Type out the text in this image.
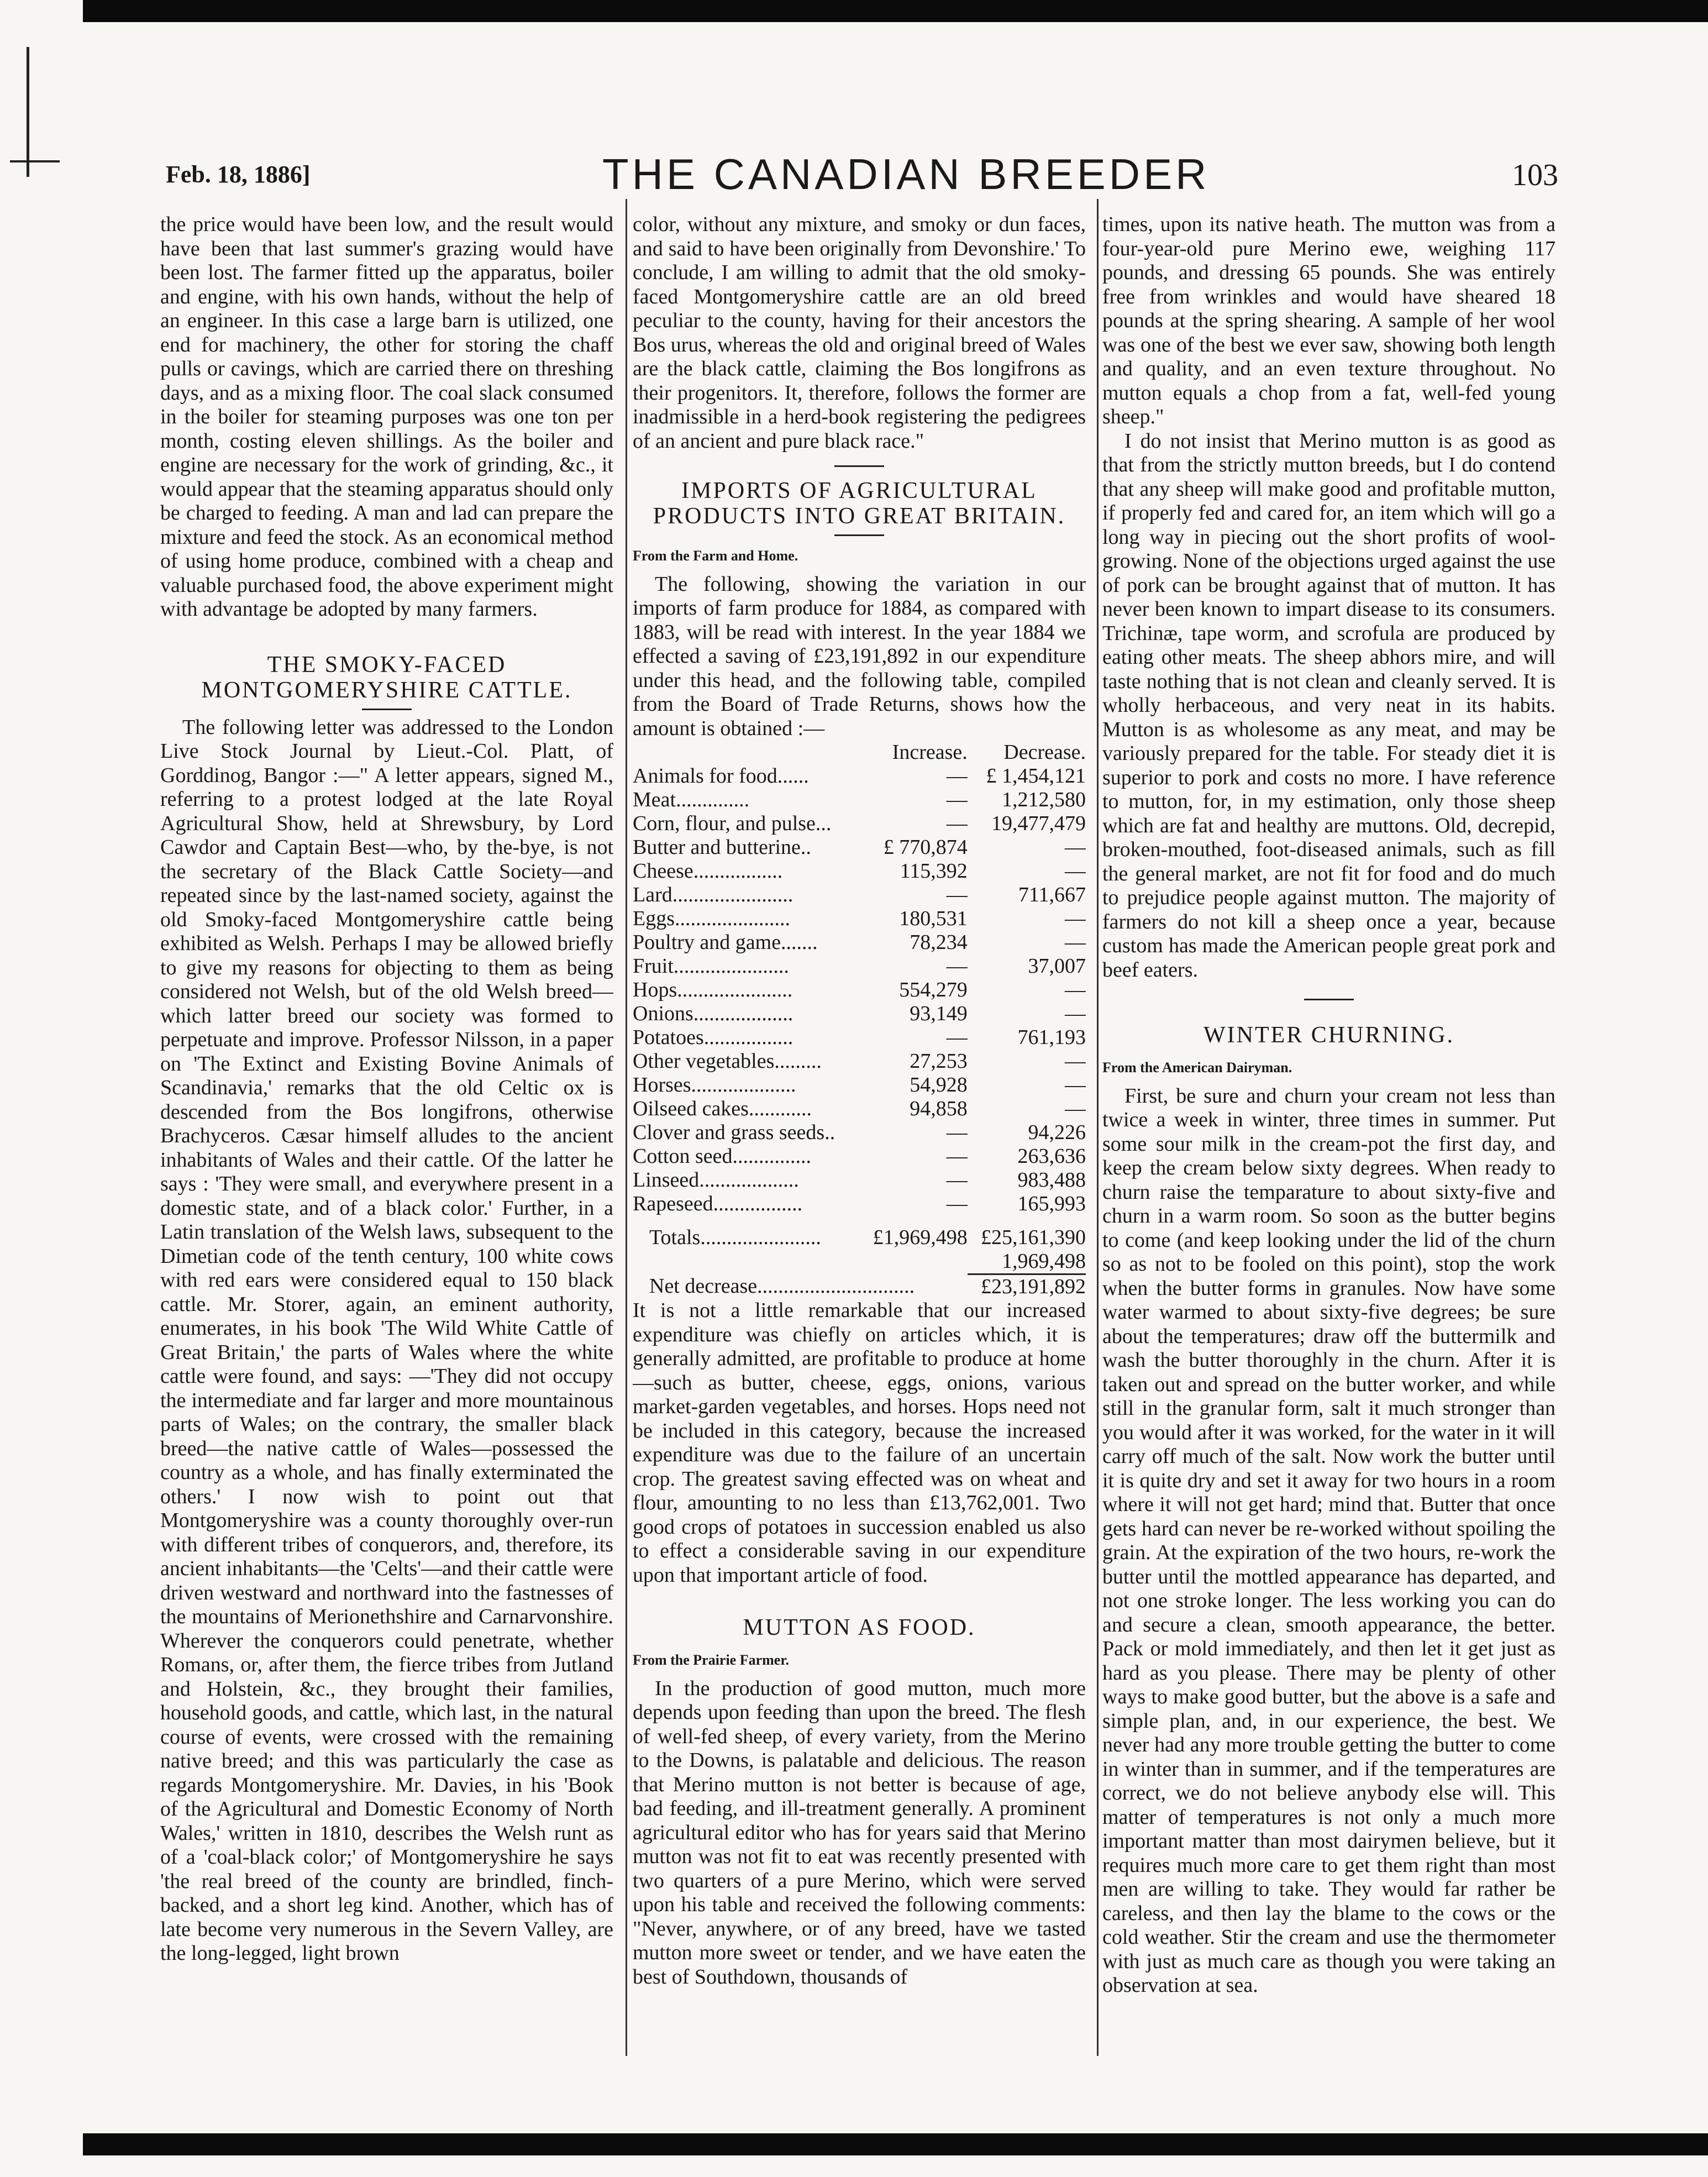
Feb. 18, 1886]	THE CANADIAN BREEDER	103

the price would have been low, and the result would have been that last summer's grazing would have been lost. The farmer fitted up the apparatus, boiler and engine, with his own hands, without the help of an engineer. In this case a large barn is utilized, one end for machinery, the other for storing the chaff pulls or cavings, which are carried there on threshing days, and as a mixing floor. The coal slack consumed in the boiler for steaming purposes was one ton per month, costing eleven shillings. As the boiler and engine are necessary for the work of grinding, &c., it would appear that the steaming apparatus should only be charged to feeding. A man and lad can prepare the mixture and feed the stock. As an economical method of using home produce, combined with a cheap and valuable purchased food, the above experiment might with advantage be adopted by many farmers.

THE SMOKY-FACED MONTGOMERYSHIRE CATTLE.

The following letter was addressed to the London Live Stock Journal by Lieut.-Col. Platt, of Gorddinog, Bangor :—" A letter appears, signed M., referring to a protest lodged at the late Royal Agricultural Show, held at Shrewsbury, by Lord Cawdor and Captain Best—who, by the-bye, is not the secretary of the Black Cattle Society—and repeated since by the last-named society, against the old Smoky-faced Montgomeryshire cattle being exhibited as Welsh. Perhaps I may be allowed briefly to give my reasons for objecting to them as being considered not Welsh, but of the old Welsh breed—which latter breed our society was formed to perpetuate and improve. Professor Nilsson, in a paper on 'The Extinct and Existing Bovine Animals of Scandinavia,' remarks that the old Celtic ox is descended from the Bos longifrons, otherwise Brachyceros. Cæsar himself alludes to the ancient inhabitants of Wales and their cattle. Of the latter he says : 'They were small, and everywhere present in a domestic state, and of a black color.' Further, in a Latin translation of the Welsh laws, subsequent to the Dimetian code of the tenth century, 100 white cows with red ears were considered equal to 150 black cattle. Mr. Storer, again, an eminent authority, enumerates, in his book 'The Wild White Cattle of Great Britain,' the parts of Wales where the white cattle were found, and says: —'They did not occupy the intermediate and far larger and more mountainous parts of Wales; on the contrary, the smaller black breed—the native cattle of Wales—possessed the country as a whole, and has finally exterminated the others.' I now wish to point out that Montgomeryshire was a county thoroughly over-run with different tribes of conquerors, and, therefore, its ancient inhabitants—the 'Celts'—and their cattle were driven westward and northward into the fastnesses of the mountains of Merionethshire and Carnarvonshire. Wherever the conquerors could penetrate, whether Romans, or, after them, the fierce tribes from Jutland and Holstein, &c., they brought their families, household goods, and cattle, which last, in the natural course of events, were crossed with the remaining native breed; and this was particularly the case as regards Montgomeryshire. Mr. Davies, in his 'Book of the Agricultural and Domestic Economy of North Wales,' written in 1810, describes the Welsh runt as of a 'coal-black color;' of Montgomeryshire he says 'the real breed of the county are brindled, finch-backed, and a short leg kind. Another, which has of late become very numerous in the Severn Valley, are the long-legged, light brown

color, without any mixture, and smoky or dun faces, and said to have been originally from Devonshire.' To conclude, I am willing to admit that the old smoky-faced Montgomeryshire cattle are an old breed peculiar to the county, having for their ancestors the Bos urus, whereas the old and original breed of Wales are the black cattle, claiming the Bos longifrons as their progenitors. It, therefore, follows the former are inadmissible in a herd-book registering the pedigrees of an ancient and pure black race."

IMPORTS OF AGRICULTURAL PRODUCTS INTO GREAT BRITAIN.
From the Farm and Home.

The following, showing the variation in our imports of farm produce for 1884, as compared with 1883, will be read with interest. In the year 1884 we effected a saving of £23,191,892 in our expenditure under this head, and the following table, compiled from the Board of Trade Returns, shows how the amount is obtained :—

	Increase.	Decrease.
Animals for food......	—	£ 1,454,121
Meat..............	—	1,212,580
Corn, flour, and pulse...	—	19,477,479
Butter and butterine..	£ 770,874	—
Cheese.................	115,392	—
Lard.......................	—	711,667
Eggs......................	180,531	—
Poultry and game.......	78,234	—
Fruit......................	—	37,007
Hops......................	554,279	—
Onions...................	93,149	—
Potatoes.................	—	761,193
Other vegetables.........	27,253	—
Horses....................	54,928	—
Oilseed cakes............	94,858	—
Clover and grass seeds..	—	94,226
Cotton seed...............	—	263,636
Linseed...................	—	983,488
Rapeseed.................	—	165,993
Totals.......................	£1,969,498	£25,161,390
		1,969,498
Net decrease..............................		£23,191,892

It is not a little remarkable that our increased expenditure was chiefly on articles which, it is generally admitted, are profitable to produce at home—such as butter, cheese, eggs, onions, various market-garden vegetables, and horses. Hops need not be included in this category, because the increased expenditure was due to the failure of an uncertain crop. The greatest saving effected was on wheat and flour, amounting to no less than £13,762,001. Two good crops of potatoes in succession enabled us also to effect a considerable saving in our expenditure upon that important article of food.

MUTTON AS FOOD.
From the Prairie Farmer.

In the production of good mutton, much more depends upon feeding than upon the breed. The flesh of well-fed sheep, of every variety, from the Merino to the Downs, is palatable and delicious. The reason that Merino mutton is not better is because of age, bad feeding, and ill-treatment generally. A prominent agricultural editor who has for years said that Merino mutton was not fit to eat was recently presented with two quarters of a pure Merino, which were served upon his table and received the following comments: "Never, anywhere, or of any breed, have we tasted mutton more sweet or tender, and we have eaten the best of Southdown, thousands of

times, upon its native heath. The mutton was from a four-year-old pure Merino ewe, weighing 117 pounds, and dressing 65 pounds. She was entirely free from wrinkles and would have sheared 18 pounds at the spring shearing. A sample of her wool was one of the best we ever saw, showing both length and quality, and an even texture throughout. No mutton equals a chop from a fat, well-fed young sheep."

I do not insist that Merino mutton is as good as that from the strictly mutton breeds, but I do contend that any sheep will make good and profitable mutton, if properly fed and cared for, an item which will go a long way in piecing out the short profits of wool-growing. None of the objections urged against the use of pork can be brought against that of mutton. It has never been known to impart disease to its consumers. Trichinæ, tape worm, and scrofula are produced by eating other meats. The sheep abhors mire, and will taste nothing that is not clean and cleanly served. It is wholly herbaceous, and very neat in its habits. Mutton is as wholesome as any meat, and may be variously prepared for the table. For steady diet it is superior to pork and costs no more. I have reference to mutton, for, in my estimation, only those sheep which are fat and healthy are muttons. Old, decrepid, broken-mouthed, foot-diseased animals, such as fill the general market, are not fit for food and do much to prejudice people against mutton. The majority of farmers do not kill a sheep once a year, because custom has made the American people great pork and beef eaters.

WINTER CHURNING.
From the American Dairyman.

First, be sure and churn your cream not less than twice a week in winter, three times in summer. Put some sour milk in the cream-pot the first day, and keep the cream below sixty degrees. When ready to churn raise the temparature to about sixty-five and churn in a warm room. So soon as the butter begins to come (and keep looking under the lid of the churn so as not to be fooled on this point), stop the work when the butter forms in granules. Now have some water warmed to about sixty-five degrees; be sure about the temperatures; draw off the buttermilk and wash the butter thoroughly in the churn. After it is taken out and spread on the butter worker, and while still in the granular form, salt it much stronger than you would after it was worked, for the water in it will carry off much of the salt. Now work the butter until it is quite dry and set it away for two hours in a room where it will not get hard; mind that. Butter that once gets hard can never be re-worked without spoiling the grain. At the expiration of the two hours, re-work the butter until the mottled appearance has departed, and not one stroke longer. The less working you can do and secure a clean, smooth appearance, the better. Pack or mold immediately, and then let it get just as hard as you please. There may be plenty of other ways to make good butter, but the above is a safe and simple plan, and, in our experience, the best. We never had any more trouble getting the butter to come in winter than in summer, and if the temperatures are correct, we do not believe anybody else will. This matter of temperatures is not only a much more important matter than most dairymen believe, but it requires much more care to get them right than most men are willing to take. They would far rather be careless, and then lay the blame to the cows or the cold weather. Stir the cream and use the thermometer with just as much care as though you were taking an observation at sea.
